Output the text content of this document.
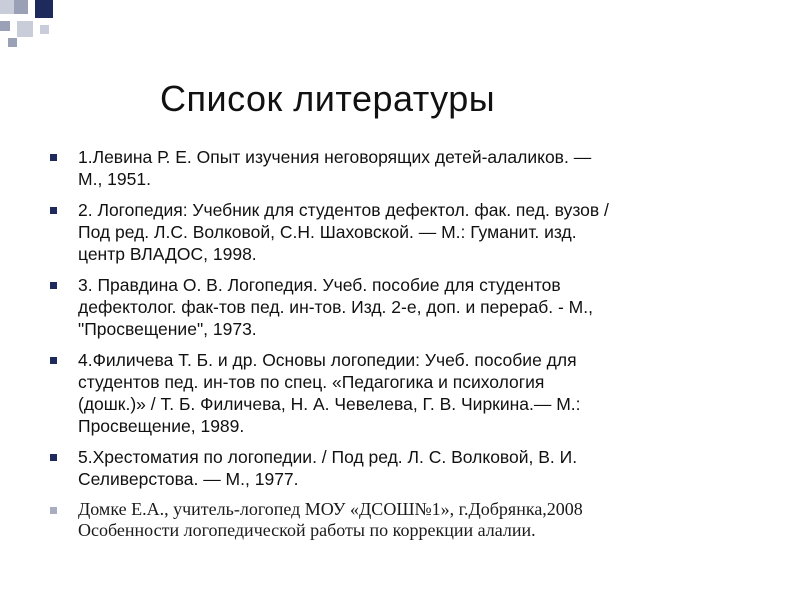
Список литературы
1.Левина Р. Е. Опыт изучения неговорящих детей-алаликов. —
М., 1951.
2. Логопедия: Учебник для студентов дефектол. фак. пед. вузов /
Под ред. Л.С. Волковой, С.Н. Шаховской. — М.: Гуманит. изд.
центр ВЛАДОС, 1998.
3. Правдина О. В. Логопедия. Учеб. пособие для студентов
дефектолог. фак-тов пед. ин-тов. Изд. 2-е, доп. и перераб. - М.,
"Просвещение", 1973.
4.Филичева Т. Б. и др. Основы логопедии: Учеб. пособие для
студентов пед. ин-тов по спец. «Педагогика и психология
(дошк.)» / Т. Б. Филичева, Н. А. Чевелева, Г. В. Чиркина.— М.:
Просвещение, 1989.
5.Хрестоматия по логопедии. / Под ред. Л. С. Волковой, В. И.
Селиверстова. — М., 1977.
Домке Е.А., учитель-логопед МОУ «ДСОШ№1», г.Добрянка,2008
Особенности логопедической работы по коррекции алалии.
